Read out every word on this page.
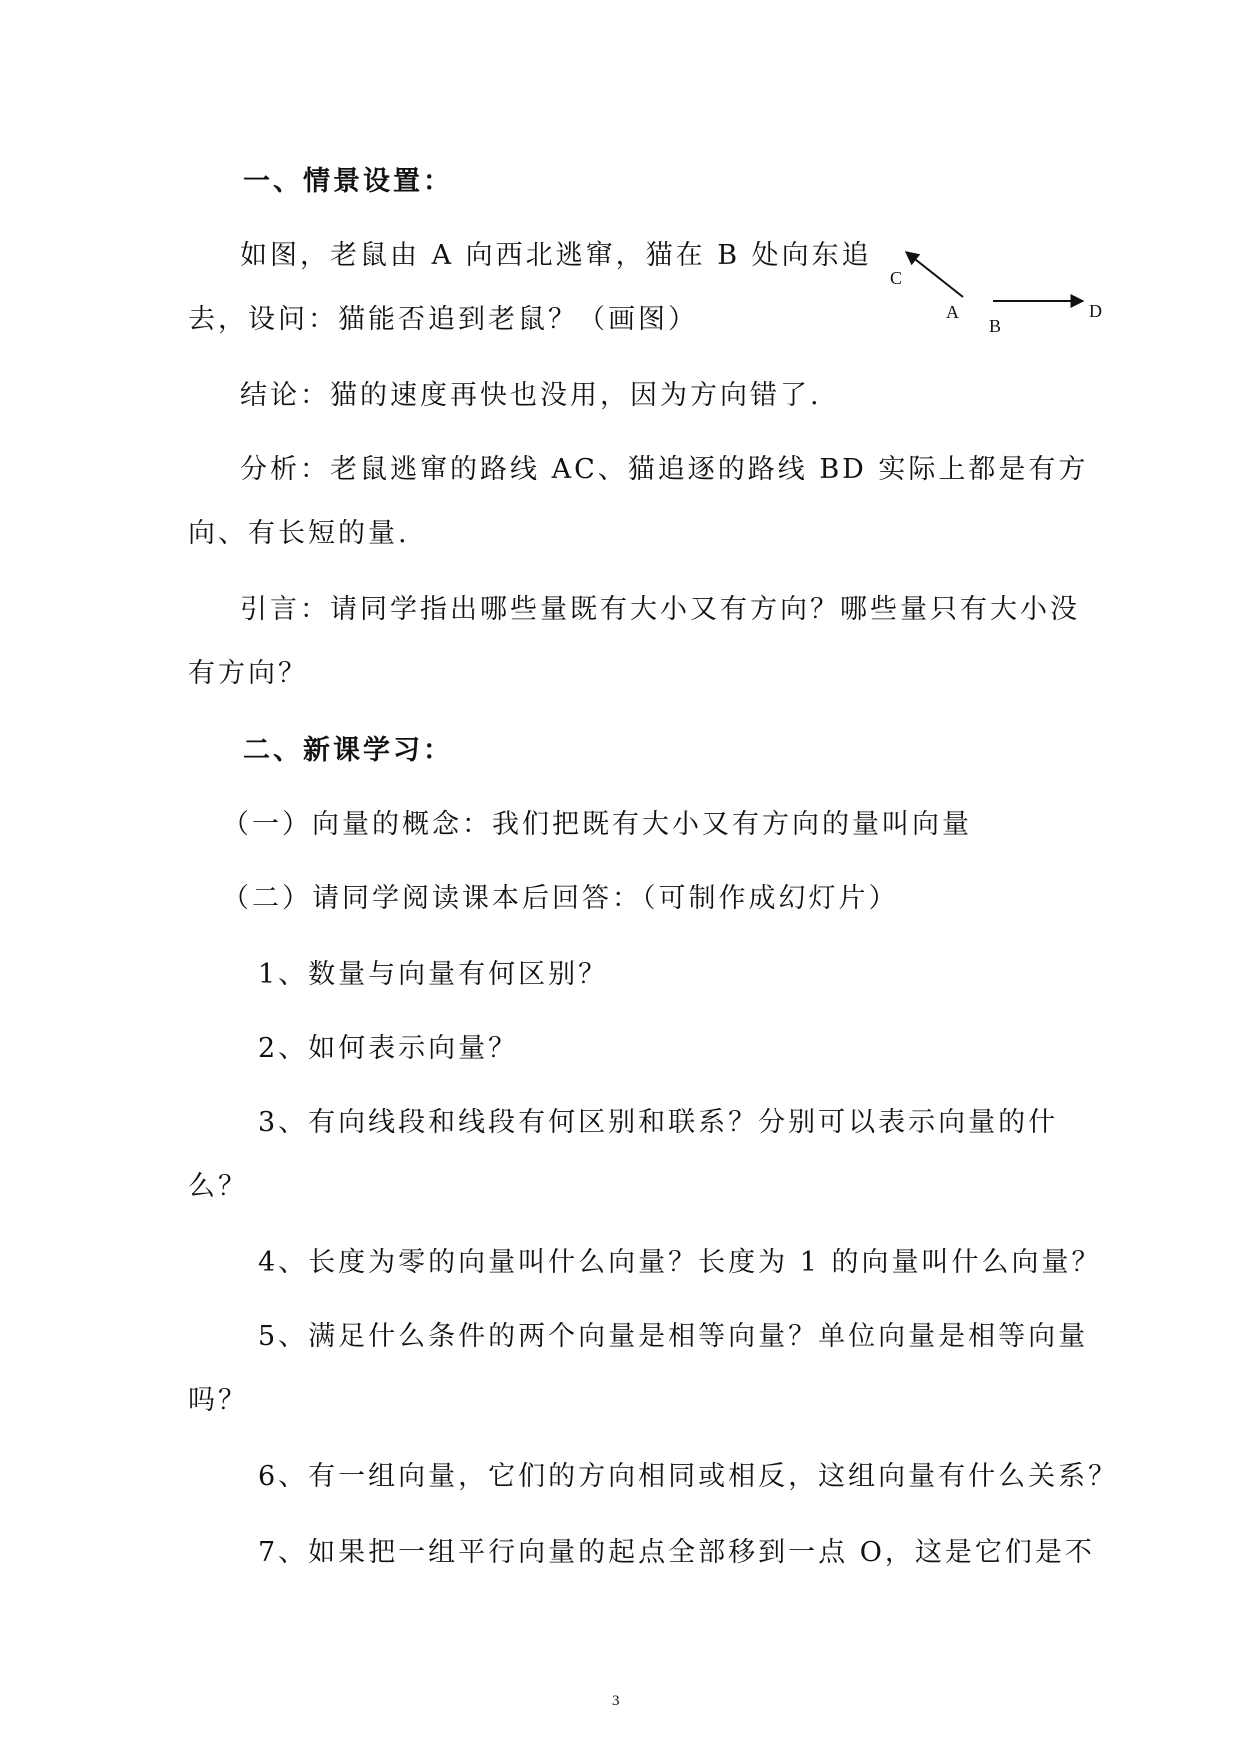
一、情景设置：
如图，老鼠由 A 向西北逃窜，猫在 B 处向东追
去，设问：猫能否追到老鼠？（画图）
C
A
B
D
结论：猫的速度再快也没用，因为方向错了.
分析：老鼠逃窜的路线 AC、猫追逐的路线 BD 实际上都是有方
向、有长短的量.
引言：请同学指出哪些量既有大小又有方向？哪些量只有大小没
有方向？
二、新课学习：
（一）向量的概念：我们把既有大小又有方向的量叫向量
（二）请同学阅读课本后回答：（可制作成幻灯片）
1、数量与向量有何区别？
2、如何表示向量？
3、有向线段和线段有何区别和联系？分别可以表示向量的什
么？
4、长度为零的向量叫什么向量？长度为 1 的向量叫什么向量？
5、满足什么条件的两个向量是相等向量？单位向量是相等向量
吗？
6、有一组向量，它们的方向相同或相反，这组向量有什么关系？
7、如果把一组平行向量的起点全部移到一点 O，这是它们是不
3
